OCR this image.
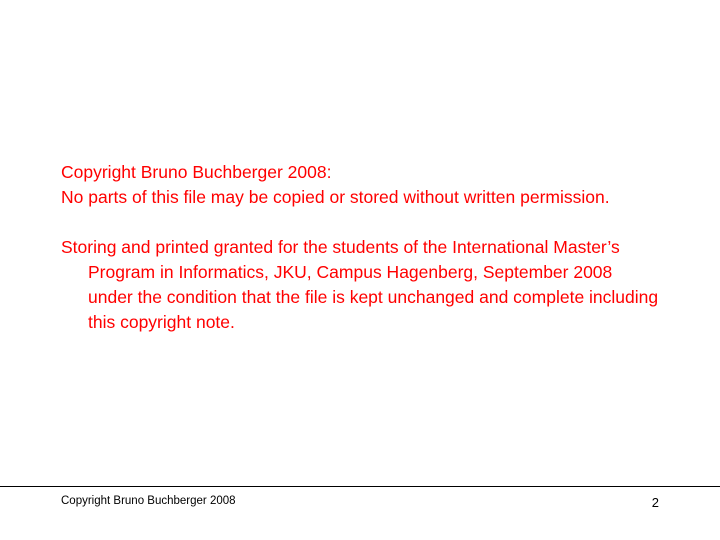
Copyright Bruno Buchberger 2008:

No parts of this file may be copied or stored without written permission.

Storing and printed granted for the students of the International Master’s Program in Informatics, JKU, Campus Hagenberg, September 2008 under the condition that the file is kept unchanged and complete including this copyright note.

Copyright Bruno Buchberger 2008	2
